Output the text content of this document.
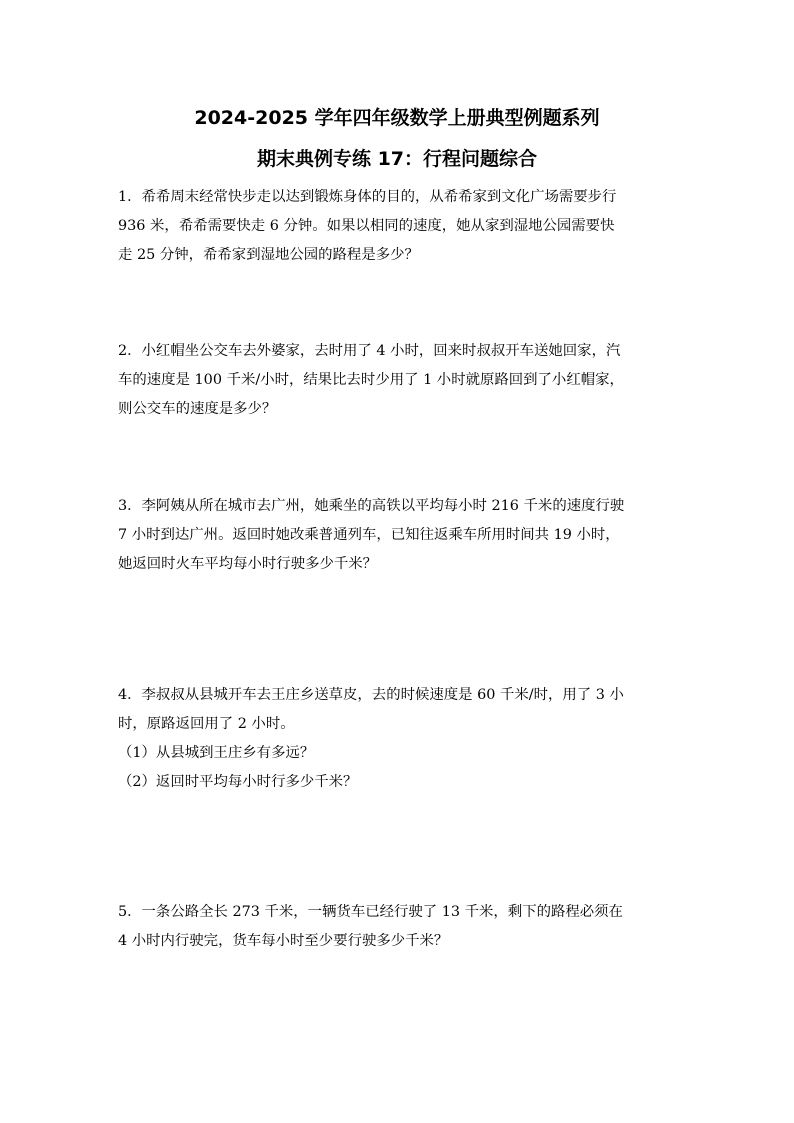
2024-2025 学年四年级数学上册典型例题系列
期末典例专练 17：行程问题综合

1．希希周末经常快步走以达到锻炼身体的目的，从希希家到文化广场需要步行

936 米，希希需要快走 6 分钟。如果以相同的速度，她从家到湿地公园需要快

走 25 分钟，希希家到湿地公园的路程是多少？

2．小红帽坐公交车去外婆家，去时用了 4 小时，回来时叔叔开车送她回家，汽

车的速度是 100 千米/小时，结果比去时少用了 1 小时就原路回到了小红帽家，

则公交车的速度是多少？

3．李阿姨从所在城市去广州，她乘坐的高铁以平均每小时 216 千米的速度行驶

7 小时到达广州。返回时她改乘普通列车，已知往返乘车所用时间共 19 小时，

她返回时火车平均每小时行驶多少千米？

4．李叔叔从县城开车去王庄乡送草皮，去的时候速度是 60 千米/时，用了 3 小

时，原路返回用了 2 小时。

（1）从县城到王庄乡有多远？

（2）返回时平均每小时行多少千米？

5．一条公路全长 273 千米，一辆货车已经行驶了 13 千米，剩下的路程必须在

4 小时内行驶完，货车每小时至少要行驶多少千米？
